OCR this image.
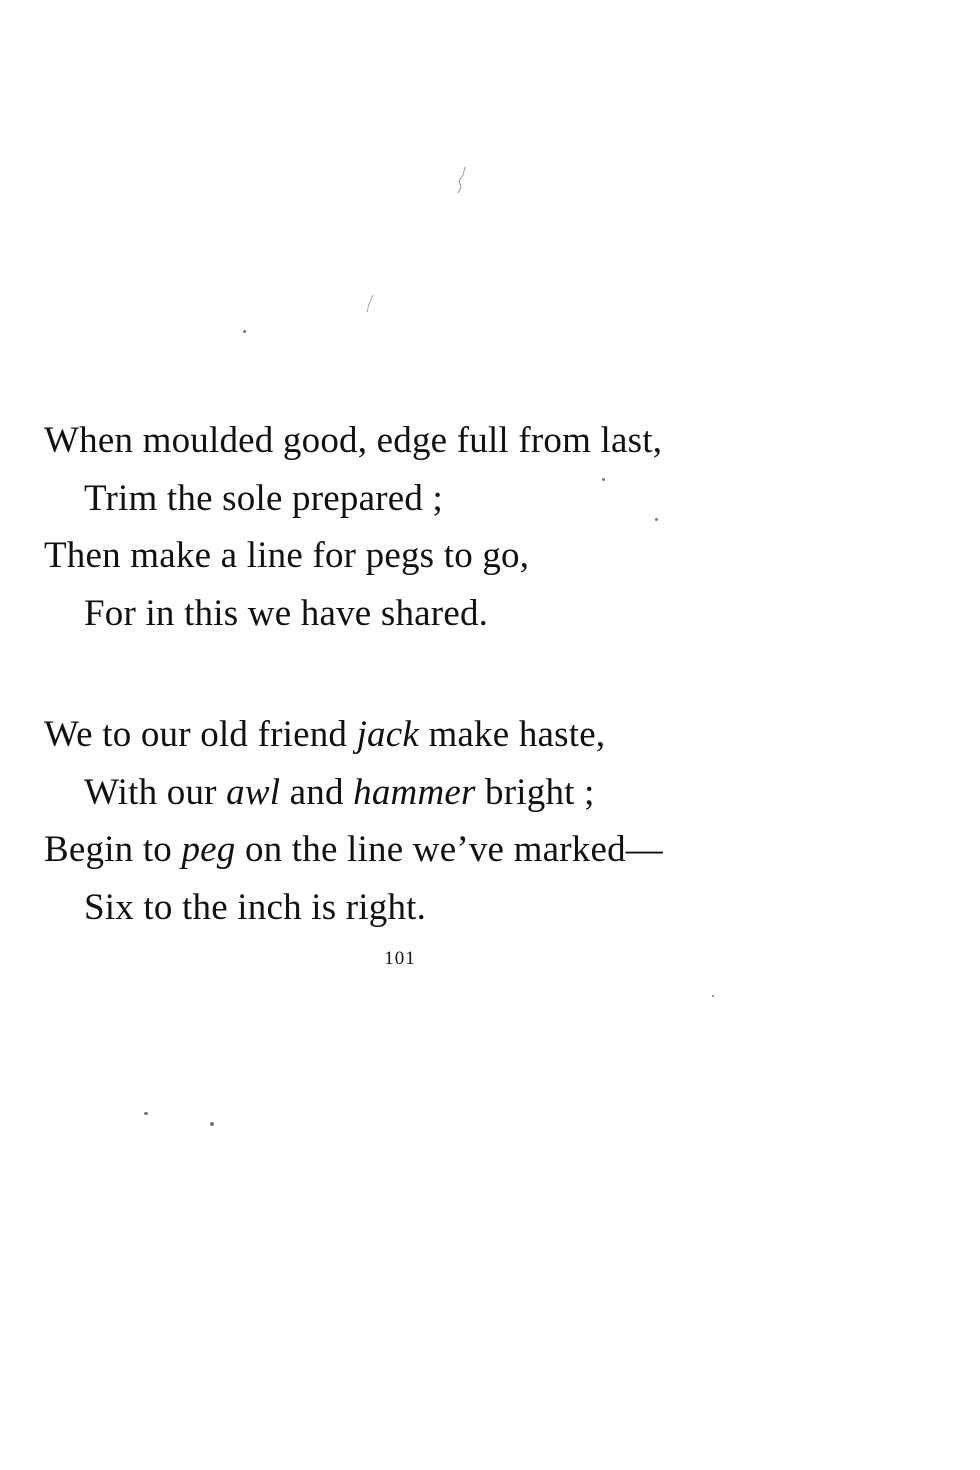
When moulded good, edge full from last,
Trim the sole prepared ;
Then make a line for pegs to go,
For in this we have shared.
We to our old friend jack make haste,
With our awl and hammer bright ;
Begin to peg on the line we’ve marked—
Six to the inch is right.
101
